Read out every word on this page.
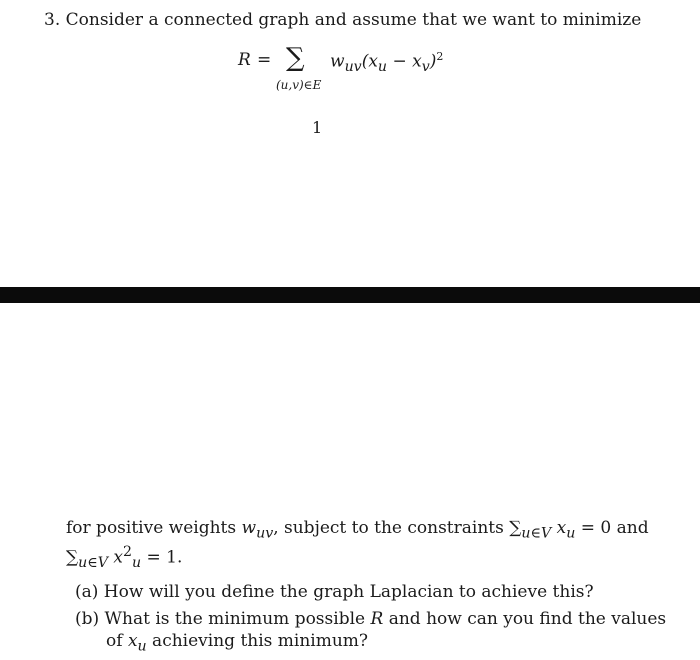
3. Consider a connected graph and assume that we want to minimize
R = ∑
(u,v)∈E
$w_{uv}(x_u - x_v)^2$
1
for positive weights $w_{uv}$, subject to the constraints $\sum_{u\in V}$ $x_u = 0$ and
$\sum_{u\in V}$ $x^2_u = 1$.
(a) How will you define the graph Laplacian to achieve this?
(b) What is the minimum possible R and how can you find the values
of $x_u$ achieving this minimum?
